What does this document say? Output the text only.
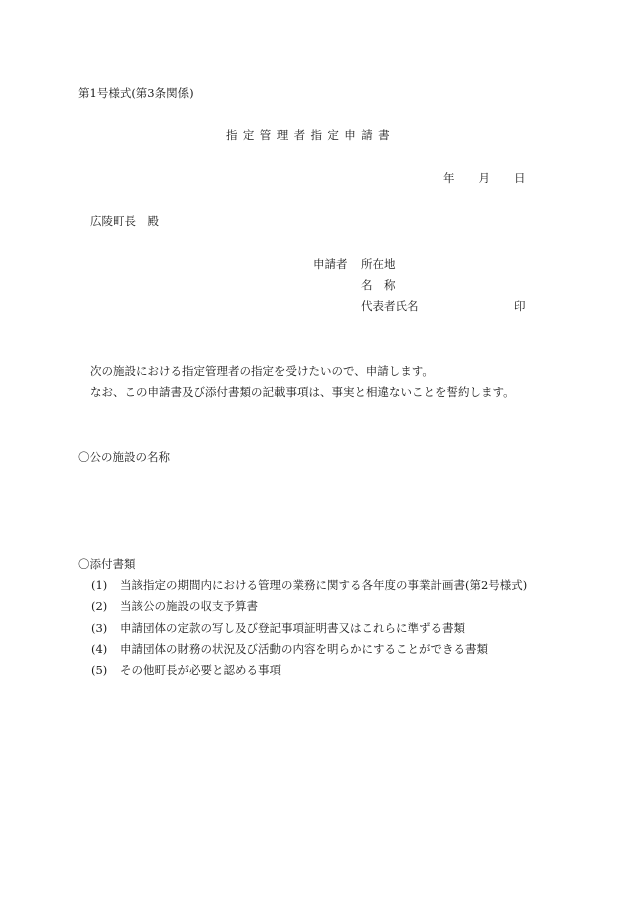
第1号様式(第3条関係)
指定管理者指定申請書
年 月 日
広陵町長　殿
申請者 所在地
名　称
代表者氏名	印
次の施設における指定管理者の指定を受けたいので、申請します。
なお、この申請書及び添付書類の記載事項は、事実と相違ないことを誓約します。
〇公の施設の名称
〇添付書類
(1) 当該指定の期間内における管理の業務に関する各年度の事業計画書(第2号様式)
(2) 当該公の施設の収支予算書
(3) 申請団体の定款の写し及び登記事項証明書又はこれらに準ずる書類
(4) 申請団体の財務の状況及び活動の内容を明らかにすることができる書類
(5) その他町長が必要と認める事項
